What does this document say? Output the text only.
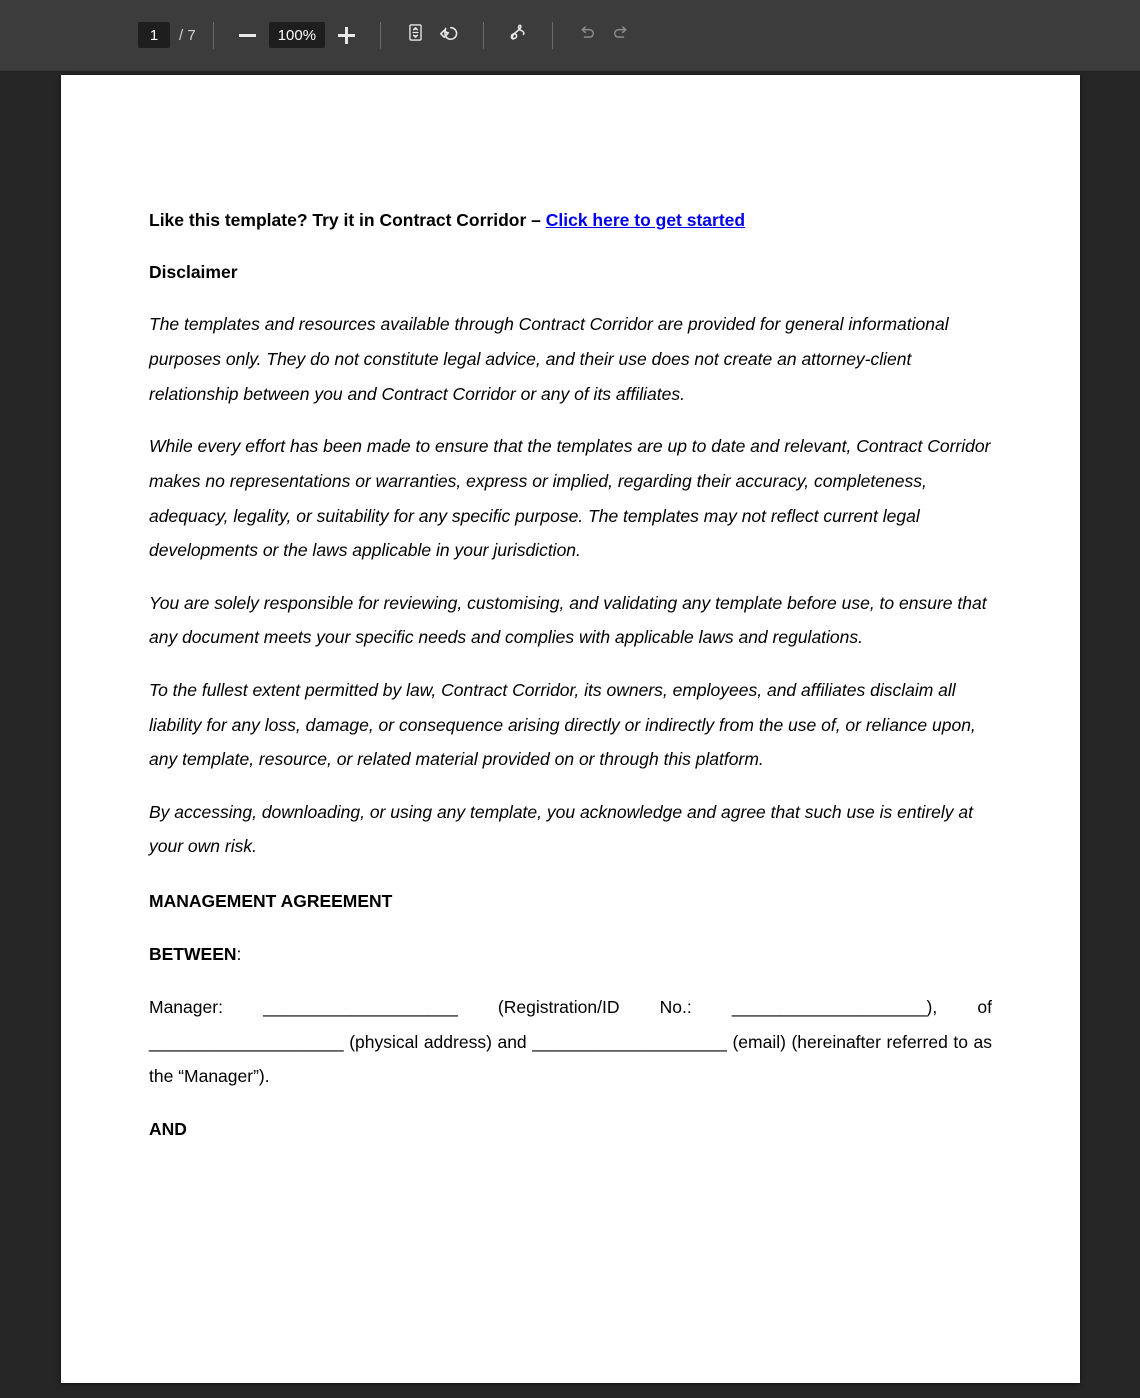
1	/ 7	100%

Like this template? Try it in Contract Corridor – Click here to get started

Disclaimer

The templates and resources available through Contract Corridor are provided for general informational purposes only. They do not constitute legal advice, and their use does not create an attorney-client relationship between you and Contract Corridor or any of its affiliates.

While every effort has been made to ensure that the templates are up to date and relevant, Contract Corridor makes no representations or warranties, express or implied, regarding their accuracy, completeness, adequacy, legality, or suitability for any specific purpose. The templates may not reflect current legal developments or the laws applicable in your jurisdiction.

You are solely responsible for reviewing, customising, and validating any template before use, to ensure that any document meets your specific needs and complies with applicable laws and regulations.

To the fullest extent permitted by law, Contract Corridor, its owners, employees, and affiliates disclaim all liability for any loss, damage, or consequence arising directly or indirectly from the use of, or reliance upon, any template, resource, or related material provided on or through this platform.

By accessing, downloading, or using any template, you acknowledge and agree that such use is entirely at your own risk.

MANAGEMENT AGREEMENT

BETWEEN:

Manager: ____________________ (Registration/ID No.: ____________________), of ____________________ (physical address) and ____________________ (email) (hereinafter referred to as the “Manager”).

AND
